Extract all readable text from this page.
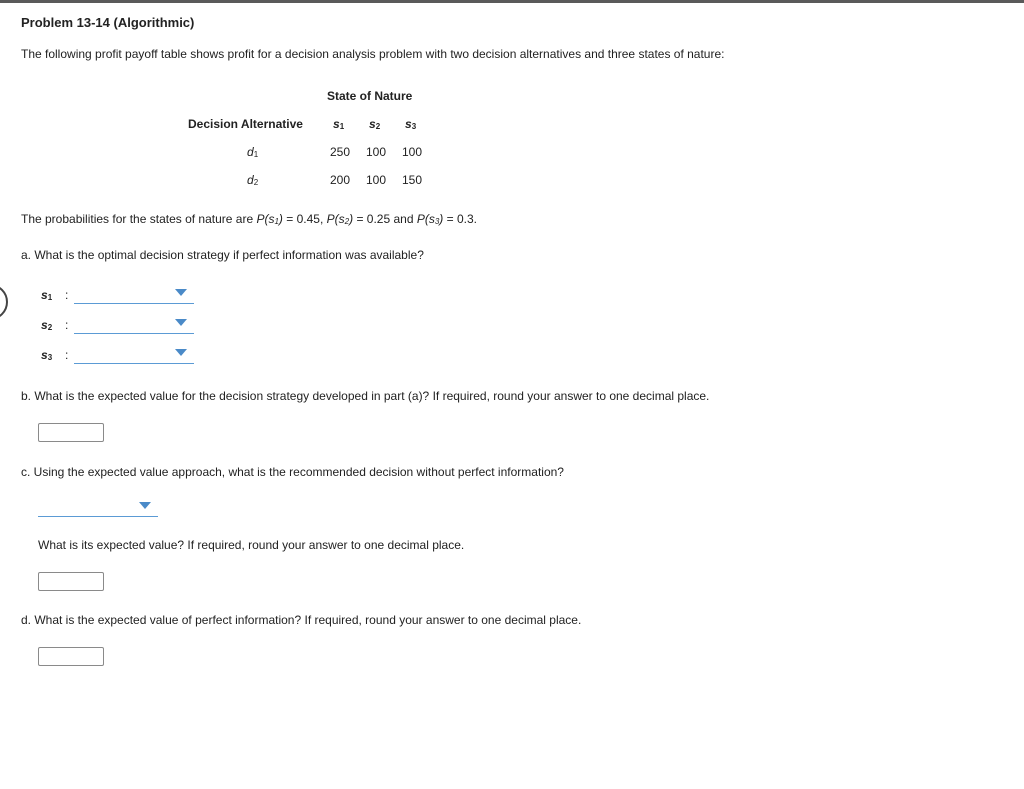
Problem 13-14 (Algorithmic)
The following profit payoff table shows profit for a decision analysis problem with two decision alternatives and three states of nature:
State of Nature
Decision Alternative	$s_1$ $s_2$ $s_3$
$d_1$	250 100 100
$d_2$	200 100 150
The probabilities for the states of nature are $P(s_1) = 0.45$, $P(s_2) = 0.25$ and $P(s_3) = 0.3$.
a. What is the optimal decision strategy if perfect information was available?
$s_1$ :
$s_2$ :
$s_3$ :
b. What is the expected value for the decision strategy developed in part (a)? If required, round your answer to one decimal place.
c. Using the expected value approach, what is the recommended decision without perfect information?
What is its expected value? If required, round your answer to one decimal place.
d. What is the expected value of perfect information? If required, round your answer to one decimal place.
